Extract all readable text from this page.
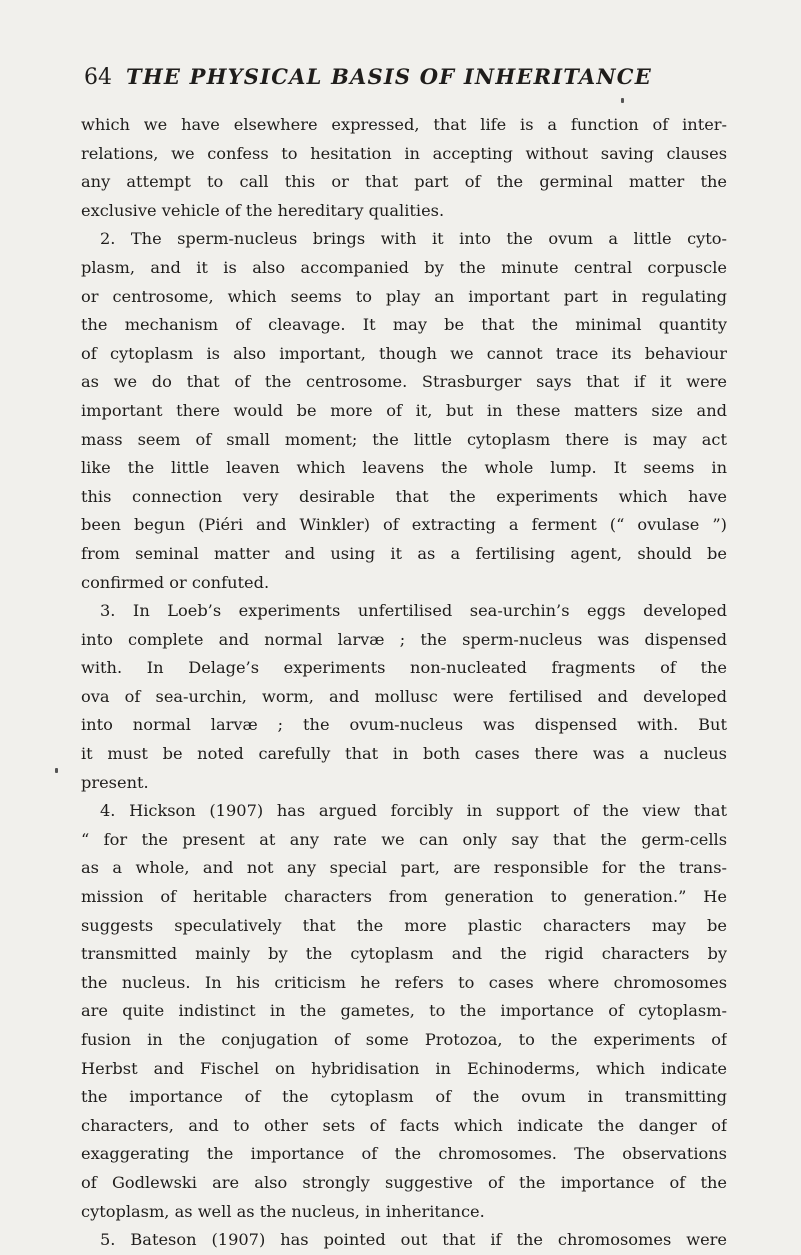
64 THE PHYSICAL BASIS OF INHERITANCE
which we have elsewhere expressed, that life is a function of inter-
relations, we confess to hesitation in accepting without saving clauses
any attempt to call this or that part of the germinal matter the
exclusive vehicle of the hereditary qualities.
2. The sperm-nucleus brings with it into the ovum a little cyto-
plasm, and it is also accompanied by the minute central corpuscle
or centrosome, which seems to play an important part in regulating
the mechanism of cleavage. It may be that the minimal quantity
of cytoplasm is also important, though we cannot trace its behaviour
as we do that of the centrosome. Strasburger says that if it were
important there would be more of it, but in these matters size and
mass seem of small moment; the little cytoplasm there is may act
like the little leaven which leavens the whole lump. It seems in
this connection very desirable that the experiments which have
been begun (Piéri and Winkler) of extracting a ferment (“ ovulase ”)
from seminal matter and using it as a fertilising agent, should be
confirmed or confuted.
3. In Loeb’s experiments unfertilised sea-urchin’s eggs developed
into complete and normal larvæ ; the sperm-nucleus was dispensed
with. In Delage’s experiments non-nucleated fragments of the
ova of sea-urchin, worm, and mollusc were fertilised and developed
into normal larvæ ; the ovum-nucleus was dispensed with. But
it must be noted carefully that in both cases there was a nucleus
present.
4. Hickson (1907) has argued forcibly in support of the view that
“ for the present at any rate we can only say that the germ-cells
as a whole, and not any special part, are responsible for the trans-
mission of heritable characters from generation to generation.” He
suggests speculatively that the more plastic characters may be
transmitted mainly by the cytoplasm and the rigid characters by
the nucleus. In his criticism he refers to cases where chromosomes
are quite indistinct in the gametes, to the importance of cytoplasm-
fusion in the conjugation of some Protozoa, to the experiments of
Herbst and Fischel on hybridisation in Echinoderms, which indicate
the importance of the cytoplasm of the ovum in transmitting
characters, and to other sets of facts which indicate the danger of
exaggerating the importance of the chromosomes. The observations
of Godlewski are also strongly suggestive of the importance of the
cytoplasm, as well as the nucleus, in inheritance.
5. Bateson (1907) has pointed out that if the chromosomes were
